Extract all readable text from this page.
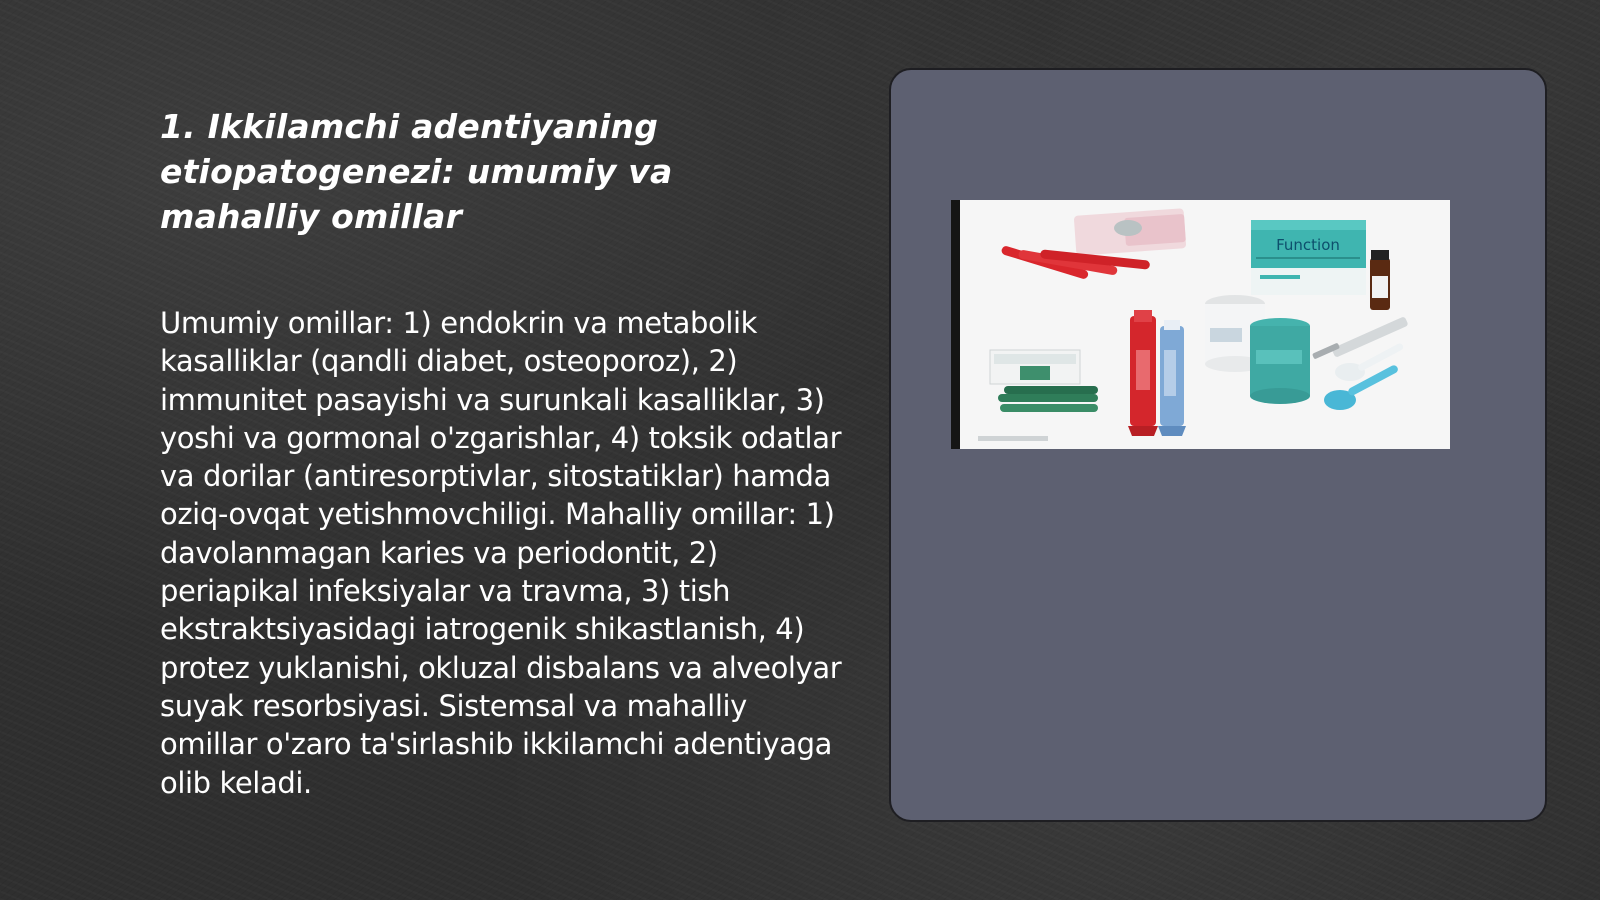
1. Ikkilamchi adentiyaning etiopatogenezi: umumiy va mahalliy omillar

Umumiy omillar: 1) endokrin va metabolik kasalliklar (qandli diabet, osteoporoz), 2) immunitet pasayishi va surunkali kasalliklar, 3) yoshi va gormonal o'zgarishlar, 4) toksik odatlar va dorilar (antiresorptivlar, sitostatiklar) hamda oziq-ovqat yetishmovchiligi. Mahalliy omillar: 1) davolanmagan karies va periodontit, 2) periapikal infeksiyalar va travma, 3) tish ekstraktsiyasidagi iatrogenik shikastlanish, 4) protez yuklanishi, okluzal disbalans va alveolyar suyak resorbsiyasi. Sistemsal va mahalliy omillar o'zaro ta'sirlashib ikkilamchi adentiyaga olib keladi.

Function
